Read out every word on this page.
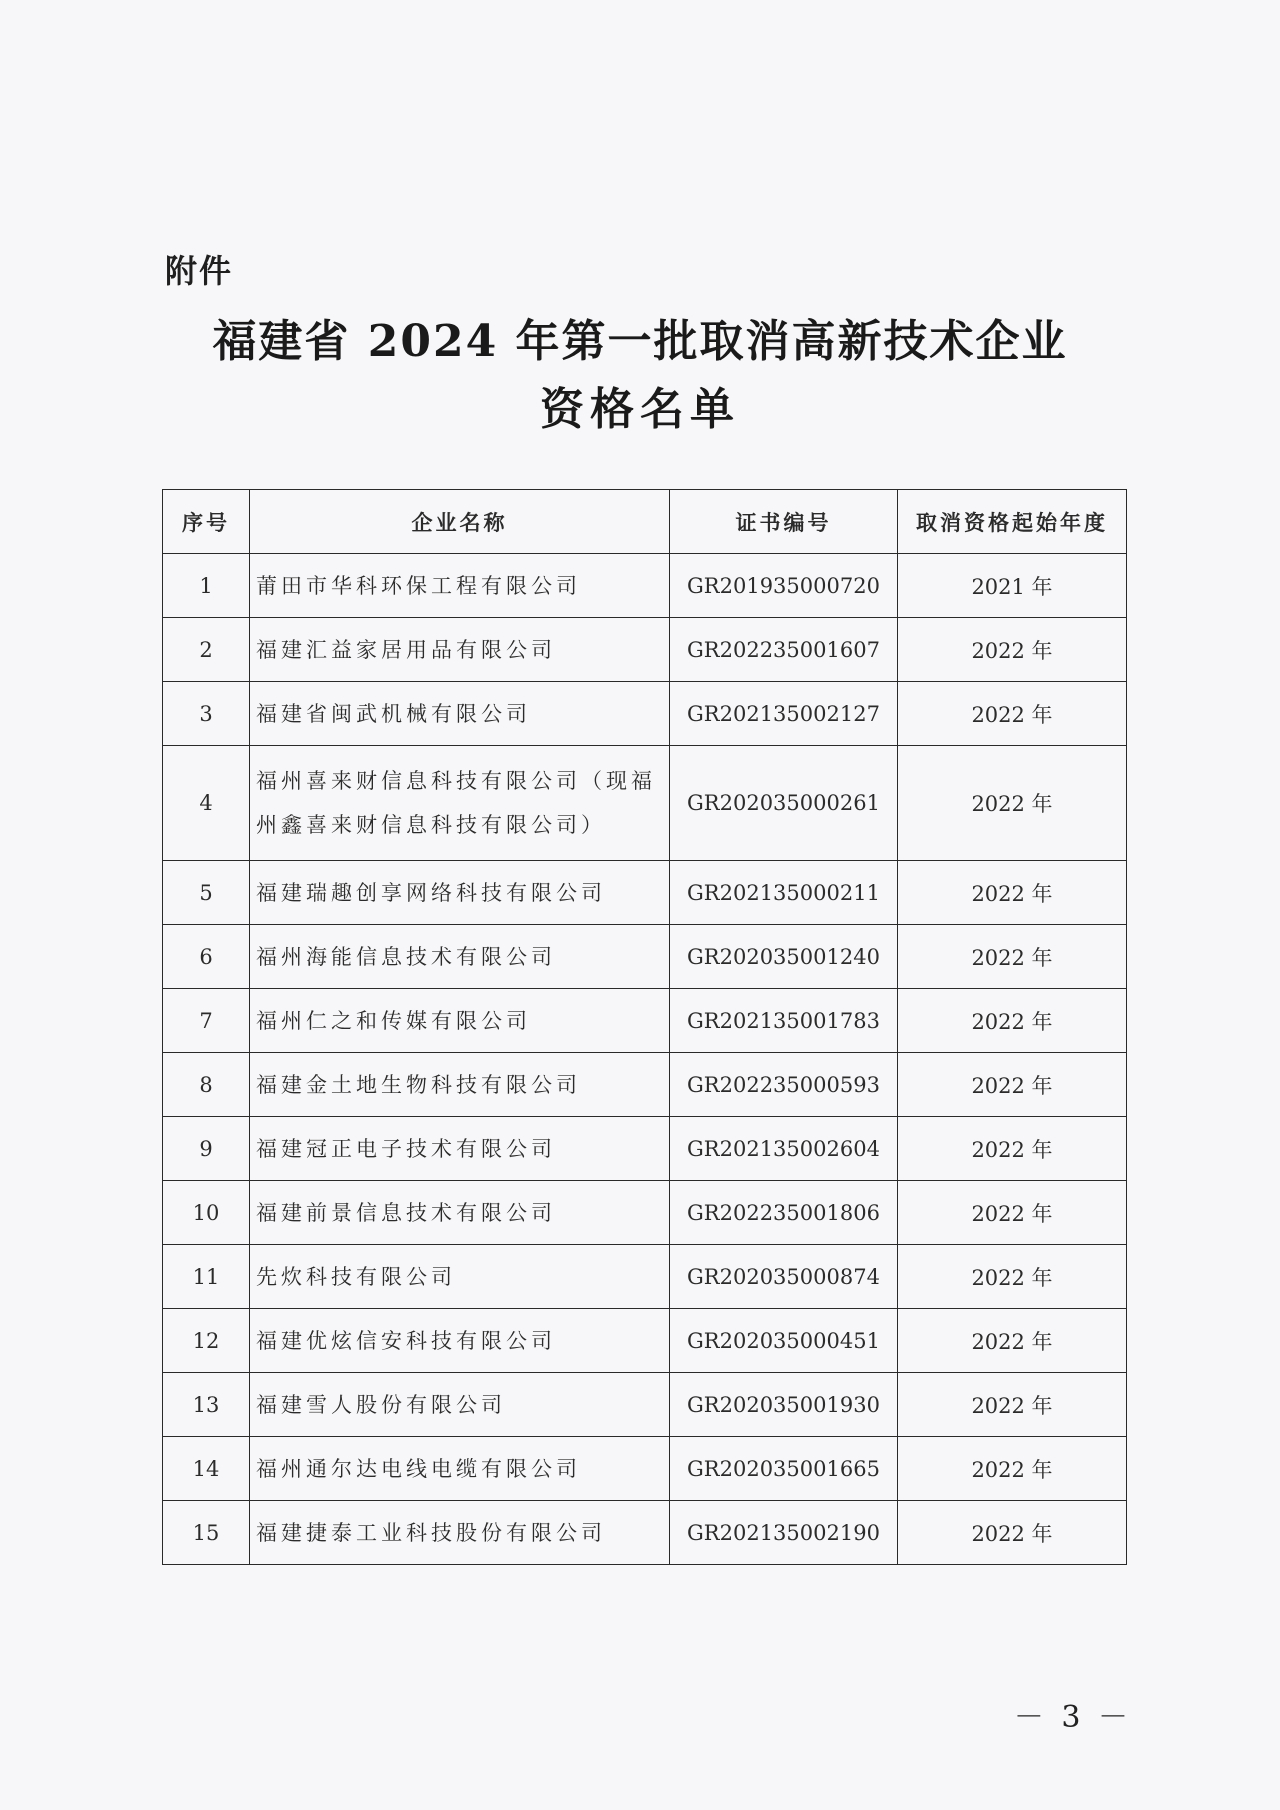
附件
福建省 2024 年第一批取消高新技术企业
资格名单
序号	企业名称	证书编号	取消资格起始年度
1	莆田市华科环保工程有限公司	GR201935000720	2021 年
2	福建汇益家居用品有限公司	GR202235001607	2022 年
3	福建省闽武机械有限公司	GR202135002127	2022 年
4	福州喜来财信息科技有限公司（现福州鑫喜来财信息科技有限公司）	GR202035000261	2022 年
5	福建瑞趣创享网络科技有限公司	GR202135000211	2022 年
6	福州海能信息技术有限公司	GR202035001240	2022 年
7	福州仁之和传媒有限公司	GR202135001783	2022 年
8	福建金土地生物科技有限公司	GR202235000593	2022 年
9	福建冠正电子技术有限公司	GR202135002604	2022 年
10	福建前景信息技术有限公司	GR202235001806	2022 年
11	先炊科技有限公司	GR202035000874	2022 年
12	福建优炫信安科技有限公司	GR202035000451	2022 年
13	福建雪人股份有限公司	GR202035001930	2022 年
14	福州通尔达电线电缆有限公司	GR202035001665	2022 年
15	福建捷泰工业科技股份有限公司	GR202135002190	2022 年
－ 3 －
